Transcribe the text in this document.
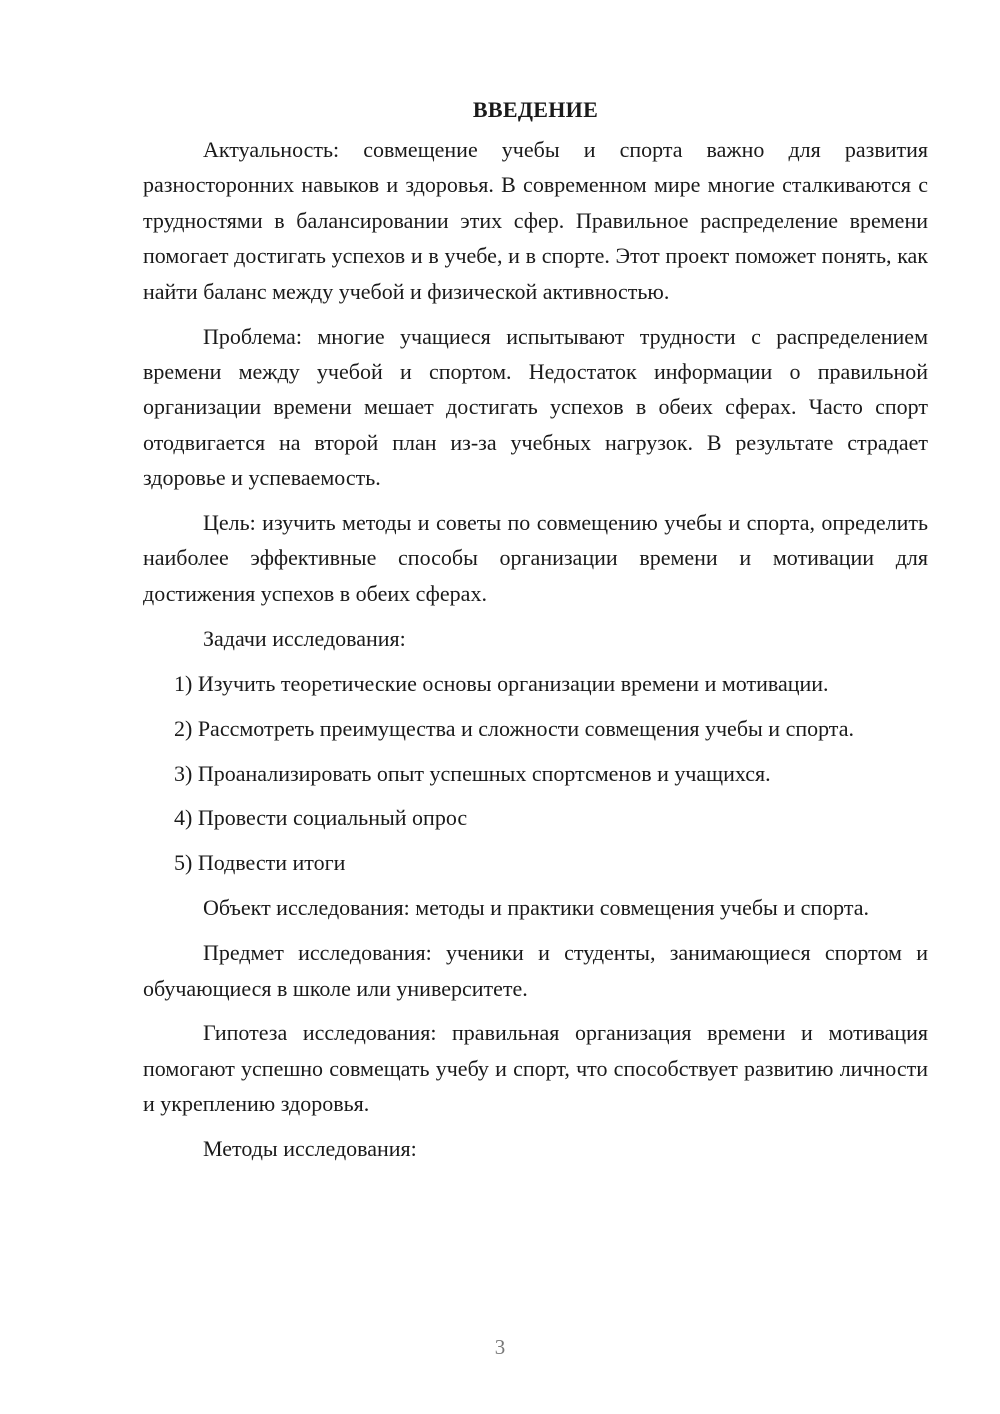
ВВЕДЕНИЕ

Актуальность: совмещение учебы и спорта важно для развития разносторонних навыков и здоровья. В современном мире многие сталкиваются с трудностями в балансировании этих сфер. Правильное распределение времени помогает достигать успехов и в учебе, и в спорте. Этот проект поможет понять, как найти баланс между учебой и физической активностью.

Проблема: многие учащиеся испытывают трудности с распределением времени между учебой и спортом. Недостаток информации о правильной организации времени мешает достигать успехов в обеих сферах. Часто спорт отодвигается на второй план из-за учебных нагрузок. В результате страдает здоровье и успеваемость.

Цель: изучить методы и советы по совмещению учебы и спорта, определить наиболее эффективные способы организации времени и мотивации для достижения успехов в обеих сферах.

Задачи исследования:

1) Изучить теоретические основы организации времени и мотивации.

2) Рассмотреть преимущества и сложности совмещения учебы и спорта.

3) Проанализировать опыт успешных спортсменов и учащихся.

4) Провести социальный опрос

5) Подвести итоги

Объект исследования: методы и практики совмещения учебы и спорта.

Предмет исследования: ученики и студенты, занимающиеся спортом и обучающиеся в школе или университете.

Гипотеза исследования: правильная организация времени и мотивация помогают успешно совмещать учебу и спорт, что способствует развитию личности и укреплению здоровья.

Методы исследования:

3
